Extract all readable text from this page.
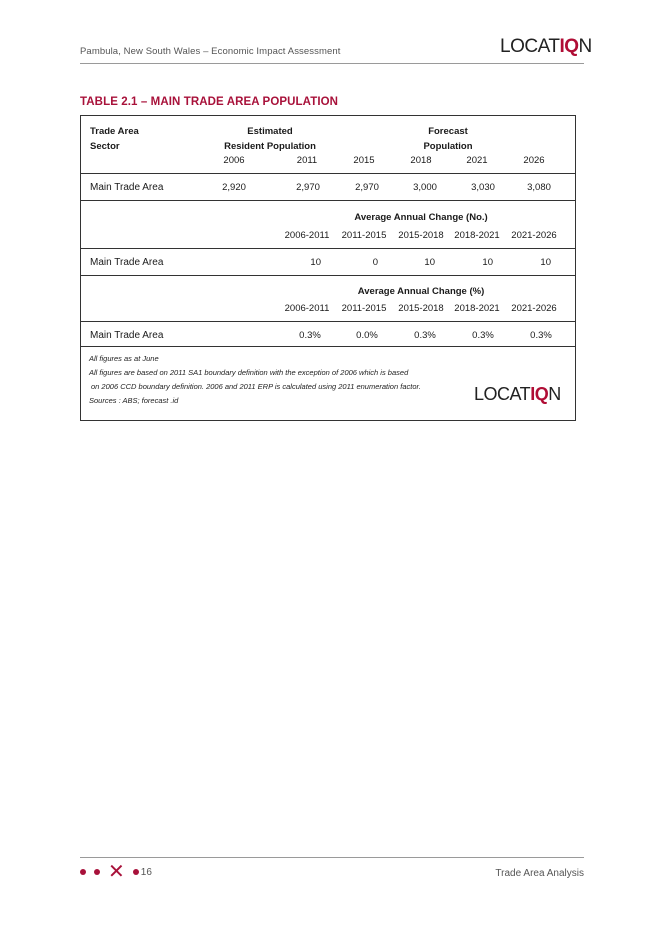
Pambula, New South Wales – Economic Impact Assessment	LOCATIQN
TABLE 2.1 – MAIN TRADE AREA POPULATION
Trade Area
Sector
Estimated
Resident Population
Forecast
Population
2006	2011	2015	2018	2021	2026
Main Trade Area	2,920	2,970	2,970	3,000	3,030	3,080
Average Annual Change (No.)
2006-2011 2011-2015 2015-2018 2018-2021 2021-2026
Main Trade Area	10	0	10	10	10
Average Annual Change (%)
2006-2011 2011-2015 2015-2018 2018-2021 2021-2026
Main Trade Area	0.3%	0.0%	0.3%	0.3%	0.3%
All figures as at June
All figures are based on 2011 SA1 boundary definition with the exception of 2006 which is based
on 2006 CCD boundary definition. 2006 and 2011 ERP is calculated using 2011 enumeration factor.
Sources : ABS; forecast .id	LOCATIQN
✕ 16	Trade Area Analysis
